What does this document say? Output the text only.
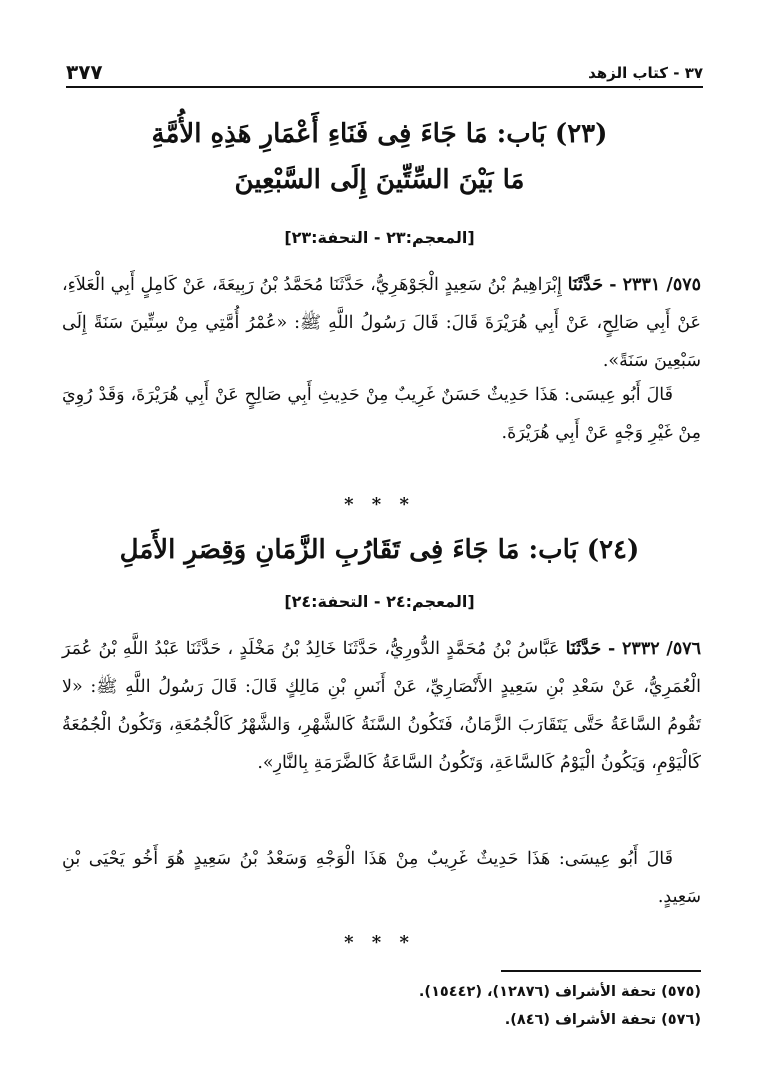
٣٧ - كتاب الزهد
٣٧٧
(٢٣) بَاب: مَا جَاءَ فِى فَنَاءِ أَعْمَارِ هَذِهِ الأُمَّةِ
مَا بَيْنَ السِّتِّينَ إِلَى السَّبْعِينَ
[المعجم:٢٣ - التحفة:٢٣]
٥٧٥/ ٢٣٣١ - حَدَّثَنَا إِبْرَاهِيمُ بْنُ سَعِيدٍ الْجَوْهَرِيُّ، حَدَّثَنَا مُحَمَّدُ بْنُ رَبِيعَةَ، عَنْ كَامِلٍ أَبِي الْعَلاَءِ، عَنْ أَبِي صَالِحٍ، عَنْ أَبِي هُرَيْرَةَ قَالَ: قَالَ رَسُولُ اللَّهِ ﷺ: «عُمْرُ أُمَّتِي مِنْ سِتِّينَ سَنَةً إِلَى سَبْعِينَ سَنَةً».
قَالَ أَبُو عِيسَى: هَذَا حَدِيثٌ حَسَنٌ غَرِيبٌ مِنْ حَدِيثِ أَبِي صَالِحٍ عَنْ أَبِي هُرَيْرَةَ، وَقَدْ رُوِيَ مِنْ غَيْرِ وَجْهٍ عَنْ أَبِي هُرَيْرَةَ.
* * *
(٢٤) بَاب: مَا جَاءَ فِى تَقَارُبِ الزَّمَانِ وَقِصَرِ الأَمَلِ
[المعجم:٢٤ - التحفة:٢٤]
٥٧٦/ ٢٣٣٢ - حَدَّثَنَا عَبَّاسُ بْنُ مُحَمَّدٍ الدُّورِيُّ، حَدَّثَنَا خَالِدُ بْنُ مَخْلَدٍ ، حَدَّثَنَا عَبْدُ اللَّهِ بْنُ عُمَرَ الْعُمَرِيُّ، عَنْ سَعْدِ بْنِ سَعِيدٍ الأَنْصَارِيِّ، عَنْ أَنَسِ بْنِ مَالِكٍ قَالَ: قَالَ رَسُولُ اللَّهِ ﷺ: «لا تَقُومُ السَّاعَةُ حَتَّى يَتَقَارَبَ الزَّمَانُ، فَتَكُونُ السَّنَةُ كَالشَّهْرِ، وَالشَّهْرُ كَالْجُمُعَةِ، وَتَكُونُ الْجُمُعَةُ كَالْيَوْمِ، وَيَكُونُ الْيَوْمُ كَالسَّاعَةِ، وَتَكُونُ السَّاعَةُ كَالضَّرَمَةِ بِالنَّارِ».
قَالَ أَبُو عِيسَى: هَذَا حَدِيثٌ غَرِيبٌ مِنْ هَذَا الْوَجْهِ وَسَعْدُ بْنُ سَعِيدٍ هُوَ أَخُو يَحْيَى بْنِ سَعِيدٍ.
* * *
(٥٧٥) تحفة الأشراف (١٢٨٧٦)، (١٥٤٤٢).
(٥٧٦) تحفة الأشراف (٨٤٦).
